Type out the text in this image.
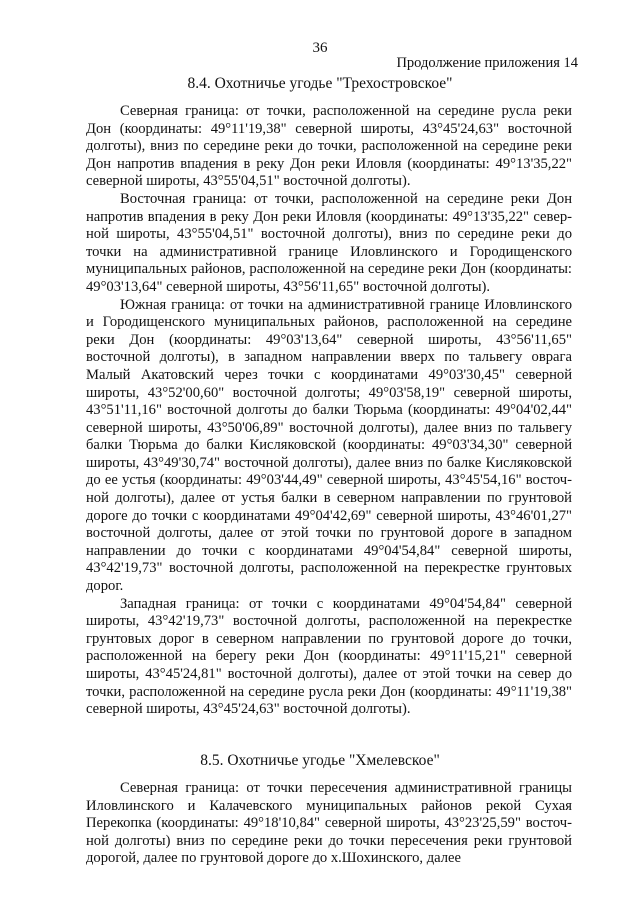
36
Продолжение приложения 14
8.4. Охотничье угодье "Трехостровское"

Северная граница: от точки, расположенной на середине русла реки Дон (координаты: 49°11'19,38" северной широты, 43°45'24,63" восточной долготы), вниз по середине реки до точки, расположенной на середине реки Дон напротив впадения в реку Дон реки Иловля (координаты: 49°13'35,22" северной широты, 43°55'04,51" восточной долготы).

Восточная граница: от точки, расположенной на середине реки Дон напротив впадения в реку Дон реки Иловля (координаты: 49°13'35,22" северной широты, 43°55'04,51" восточной долготы), вниз по середине реки до точки на административной границе Иловлинского и Городищенского муниципальных районов, расположенной на середине реки Дон (координаты: 49°03'13,64" северной широты, 43°56'11,65" восточной долготы).

Южная граница: от точки на административной границе Иловлинского и Городищенского муниципальных районов, расположенной на середине реки Дон (координаты: 49°03'13,64" северной широты, 43°56'11,65" восточной долготы), в западном направлении вверх по тальвегу оврага Малый Акатовский через точки с координатами 49°03'30,45" северной широты, 43°52'00,60" восточной долготы; 49°03'58,19" северной широты, 43°51'11,16" восточной долготы до балки Тюрьма (координаты: 49°04'02,44" северной широты, 43°50'06,89" восточной долготы), далее вниз по тальвегу балки Тюрьма до балки Кисляковской (координаты: 49°03'34,30" северной широты, 43°49'30,74" восточной долготы), далее вниз по балке Кисляковской до ее устья (координаты: 49°03'44,49" северной широты, 43°45'54,16" восточной долготы), далее от устья балки в северном направлении по грунтовой дороге до точки с координатами 49°04'42,69" северной широты, 43°46'01,27" восточной долготы, далее от этой точки по грунтовой дороге в западном направлении до точки с координатами 49°04'54,84" северной широты, 43°42'19,73" восточной долготы, расположенной на перекрестке грунтовых дорог.

Западная граница: от точки с координатами 49°04'54,84" северной широты, 43°42'19,73" восточной долготы, расположенной на перекрестке грунтовых дорог в северном направлении по грунтовой дороге до точки, расположенной на берегу реки Дон (координаты: 49°11'15,21" северной широты, 43°45'24,81" восточной долготы), далее от этой точки на север до точки, расположенной на середине русла реки Дон (координаты: 49°11'19,38" северной широты, 43°45'24,63" восточной долготы).

8.5. Охотничье угодье "Хмелевское"

Северная граница: от точки пересечения административной границы Иловлинского и Калачевского муниципальных районов рекой Сухая Перекопка (координаты: 49°18'10,84" северной широты, 43°23'25,59" восточной долготы) вниз по середине реки до точки пересечения реки грунтовой дорогой, далее по грунтовой дороге до х.Шохинского, далее
